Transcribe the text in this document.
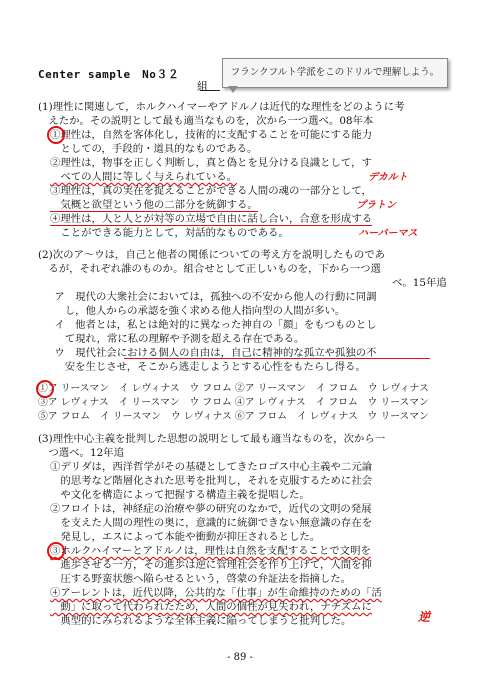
Center sample　No３２
組
フランクフルト学派をこのドリルで理解しよう。
(1)理性に関連して，ホルクハイマーやアドルノは近代的な理性をどのように考
　えたか。その説明として最も適当なものを，次から一つ選べ。08年本
①理性は，自然を客体化し，技術的に支配することを可能にする能力
　としての，手段的・道具的なものである。
②理性は，物事を正しく判断し，真と偽とを見分ける良識として，す
　べての人間に等しく与えられている。	デカルト
③理性は，真の実在を捉えることができる人間の魂の一部分として，
　気概と欲望という他の二部分を統御する。	プラトン
④理性は，人と人とが対等の立場で自由に話し合い，合意を形成する
　ことができる能力として，対話的なものである。	ハーバーマス
(2)次のア～ウは，自己と他者の関係についての考え方を説明したものであ
　るが，それぞれ誰のものか。組合せとして正しいものを，下から一つ選
べ。15年追
　ア　現代の大衆社会においては，孤独への不安から他人の行動に同調
　　し，他人からの承認を強く求める他人指向型の人間が多い。
　イ　他者とは，私とは絶対的に異なった神自の「顔」をもつものとし
　　て現れ，常に私の理解や予測を超える存在である。
　ウ　現代社会における個人の自由は，自己に精神的な孤立や孤独の不
　　安を生じさせ，そこから逃走しようとする心性をもたらし得る。
①ア リースマン　イ レヴィナス　ウ フロム ②ア リースマン　イ フロム　ウ レヴィナス
③ア レヴィナス　イ リースマン　ウ フロム ④ア レヴィナス　イ フロム　ウ リースマン
⑤ア フロム　イ リースマン　ウ レヴィナス ⑥ア フロム　イ レヴィナス　ウ リースマン
(3)理性中心主義を批判した思想の説明として最も適当なものを，次から一
　つ選べ。12年追
①デリダは，西洋哲学がその基礎としてきたロゴス中心主義や二元論
　的思考など階層化された思考を批判し，それを克服するために社会
　や文化を構造によって把握する構造主義を提唱した。
②フロイトは，神経症の治療や夢の研究のなかで，近代の文明の発展
　を支えた人間の理性の奥に，意識的に統御できない無意識の存在を
　発見し，エスによって本能や衝動が抑圧されるとした。
③ホルクハイマーとアドルノは，理性は自然を支配することで文明を
　進歩させる一方，その進歩は逆に管理社会を作り上げて，人間を抑
　圧する野蛮状態へ陥らせるという，啓蒙の弁証法を指摘した。
④アーレントは，近代以降，公共的な「仕事」が生命維持のための「活
　動」に取って代わられたため，人間の個性が見失われ，ナチズムに
　典型的にみられるような全体主義に陥ってしまうと批判した。	逆
- 89 -
